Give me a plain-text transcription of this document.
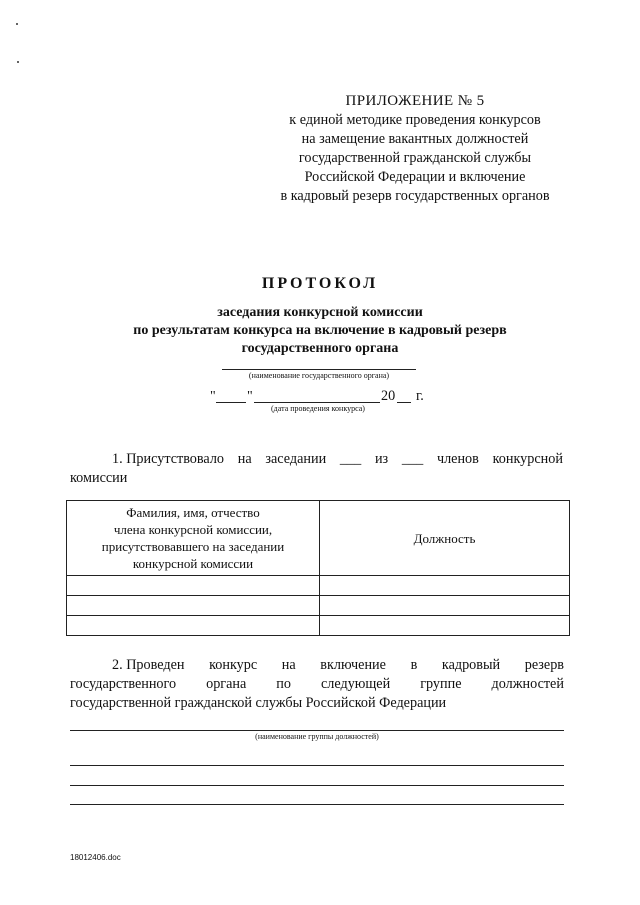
ПРИЛОЖЕНИЕ № 5
к единой методике проведения конкурсов
на замещение вакантных должностей
государственной гражданской службы
Российской Федерации и включение
в кадровый резерв государственных органов
ПРОТОКОЛ
заседания конкурсной комиссии
по результатам конкурса на включение в кадровый резерв
государственного органа
(наименование государственного органа)
" "	20 г.
(дата проведения конкурса)
1. Присутствовало на заседании ___ из ___ членов конкурсной
комиссии
Фамилия, имя, отчество
члена конкурсной комиссии,
присутствовавшего на заседании
конкурсной комиссии	Должность

2. Проведен конкурс на включение в кадровый резерв
государственного органа по следующей группе должностей
государственной гражданской службы Российской Федерации
(наименование группы должностей)
18012406.doc
